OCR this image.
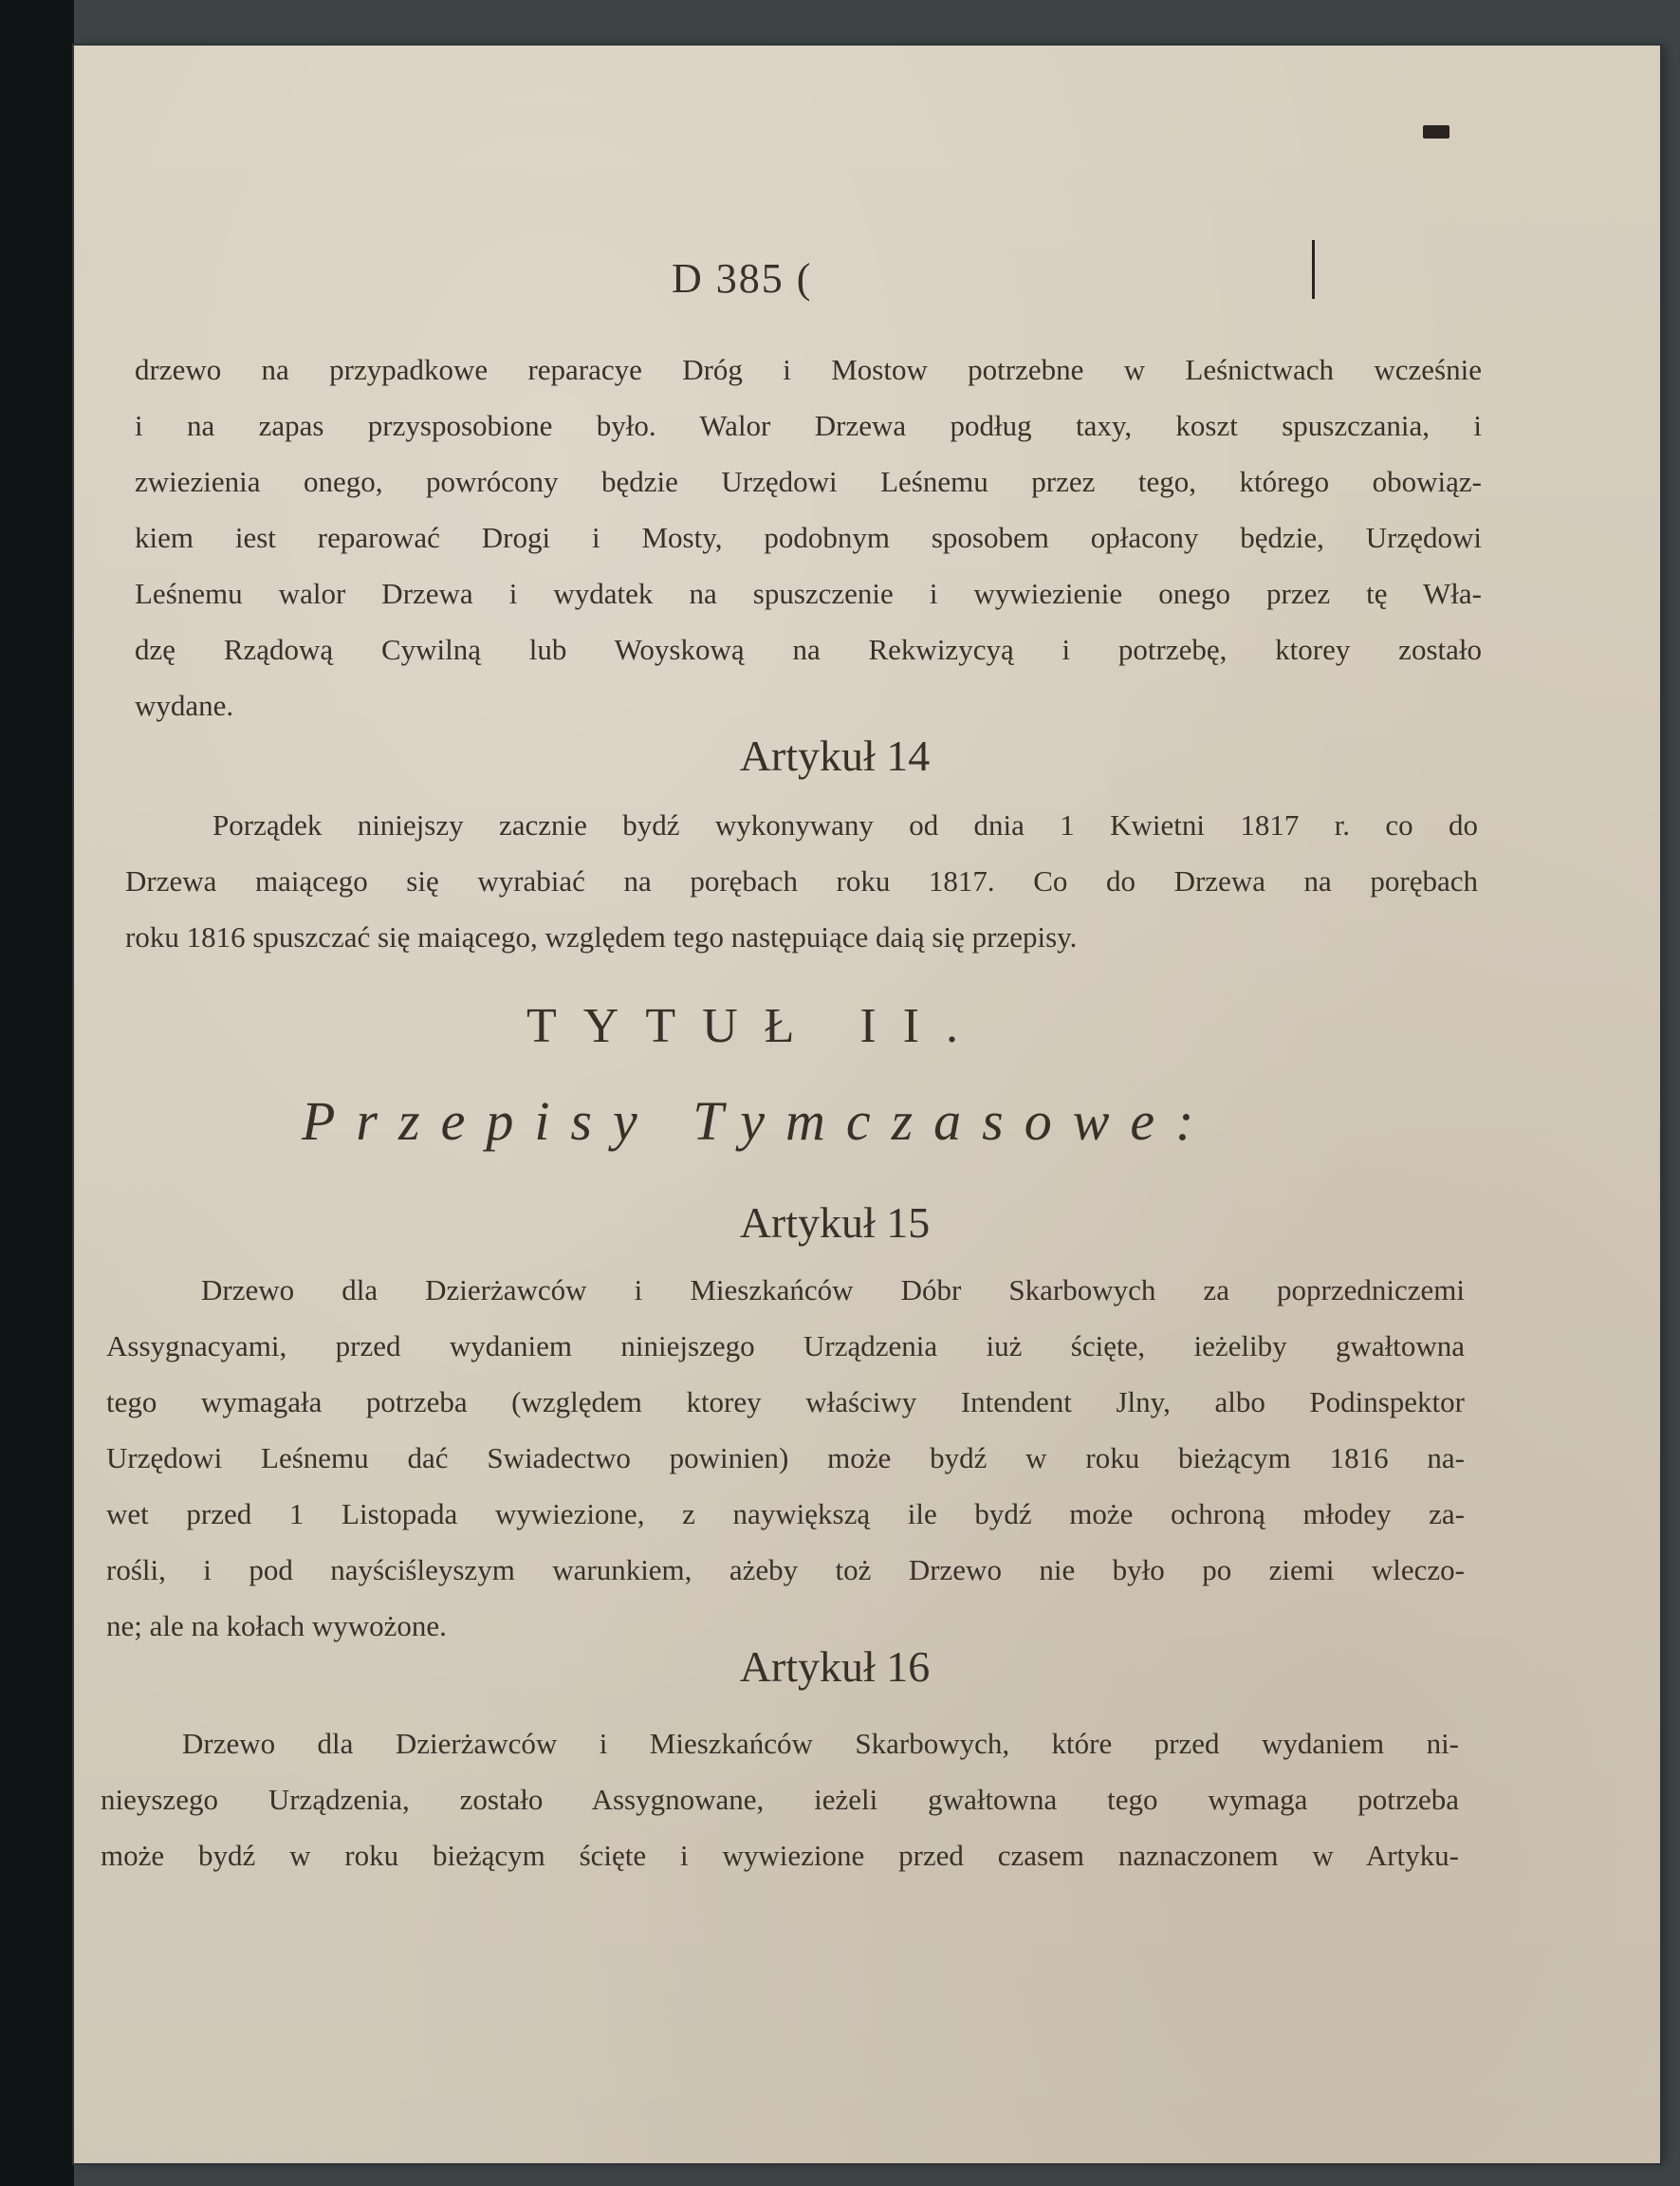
D 385 (
drzewo na przypadkowe reparacye Dróg i Mostow potrzebne w Leśnictwach wcześnie
i na zapas przysposobione było. Walor Drzewa podług taxy, koszt spuszczania, i
zwiezienia onego, powrócony będzie Urzędowi Leśnemu przez tego, którego obowiąz-
kiem iest reparować Drogi i Mosty, podobnym sposobem opłacony będzie, Urzędowi
Leśnemu walor Drzewa i wydatek na spuszczenie i wywiezienie onego przez tę Wła-
dzę Rządową Cywilną lub Woyskową na Rekwizycyą i potrzebę, ktorey zostało
wydane.
Artykuł 14
Porządek niniejszy zacznie bydź wykonywany od dnia 1 Kwietni 1817 r. co do
Drzewa maiącego się wyrabiać na porębach roku 1817. Co do Drzewa na porębach
roku 1816 spuszczać się maiącego, względem tego następuiące daią się przepisy.
TYTUŁ II.
Przepisy Tymczasowe:
Artykuł 15
Drzewo dla Dzierżawców i Mieszkańców Dóbr Skarbowych za poprzedniczemi
Assygnacyami, przed wydaniem niniejszego Urządzenia iuż ścięte, ieżeliby gwałtowna
tego wymagała potrzeba (względem ktorey właściwy Intendent Jlny, albo Podinspektor
Urzędowi Leśnemu dać Swiadectwo powinien) może bydź w roku bieżącym 1816 na-
wet przed 1 Listopada wywiezione, z naywiększą ile bydź może ochroną młodey za-
rośli, i pod nayściśleyszym warunkiem, ażeby toż Drzewo nie było po ziemi wleczo-
ne; ale na kołach wywożone.
Artykuł 16
Drzewo dla Dzierżawców i Mieszkańców Skarbowych, które przed wydaniem ni-
nieyszego Urządzenia, zostało Assygnowane, ieżeli gwałtowna tego wymaga potrzeba
może bydź w roku bieżącym ścięte i wywiezione przed czasem naznaczonem w Artyku-
